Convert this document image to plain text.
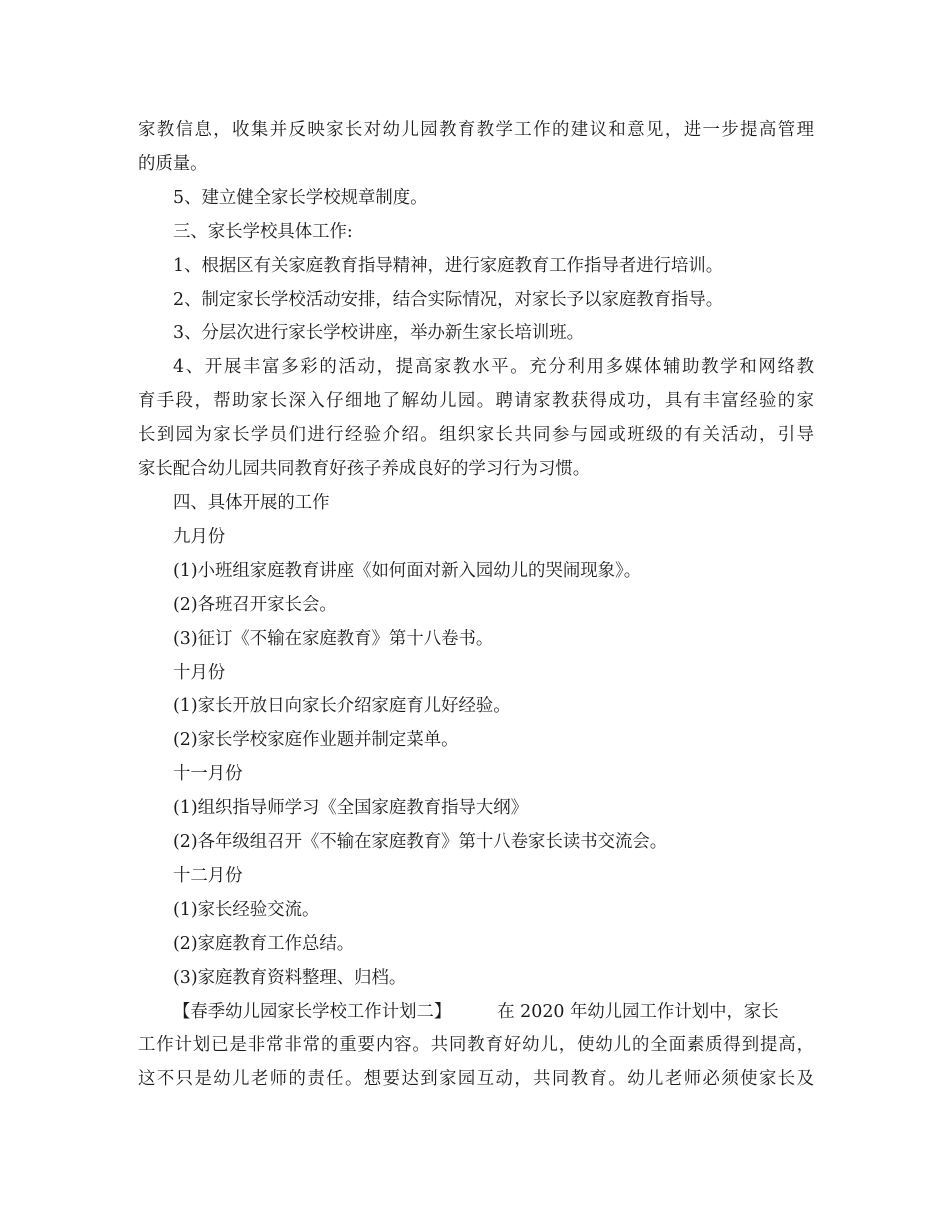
家教信息，收集并反映家长对幼儿园教育教学工作的建议和意见，进一步提高管理
的质量。
5、建立健全家长学校规章制度。
三、家长学校具体工作:
1、根据区有关家庭教育指导精神，进行家庭教育工作指导者进行培训。
2、制定家长学校活动安排，结合实际情况，对家长予以家庭教育指导。
3、分层次进行家长学校讲座，举办新生家长培训班。
4、开展丰富多彩的活动，提高家教水平。充分利用多媒体辅助教学和网络教
育手段，帮助家长深入仔细地了解幼儿园。聘请家教获得成功，具有丰富经验的家
长到园为家长学员们进行经验介绍。组织家长共同参与园或班级的有关活动，引导
家长配合幼儿园共同教育好孩子养成良好的学习行为习惯。
四、具体开展的工作
九月份
(1)小班组家庭教育讲座《如何面对新入园幼儿的哭闹现象》。
(2)各班召开家长会。
(3)征订《不输在家庭教育》第十八卷书。
十月份
(1)家长开放日向家长介绍家庭育儿好经验。
(2)家长学校家庭作业题并制定菜单。
十一月份
(1)组织指导师学习《全国家庭教育指导大纲》
(2)各年级组召开《不输在家庭教育》第十八卷家长读书交流会。
十二月份
(1)家长经验交流。
(2)家庭教育工作总结。
(3)家庭教育资料整理、归档。
【春季幼儿园家长学校工作计划二】	在 2020 年幼儿园工作计划中，家长
工作计划已是非常非常的重要内容。共同教育好幼儿，使幼儿的全面素质得到提高，
这不只是幼儿老师的责任。想要达到家园互动，共同教育。幼儿老师必须使家长及
